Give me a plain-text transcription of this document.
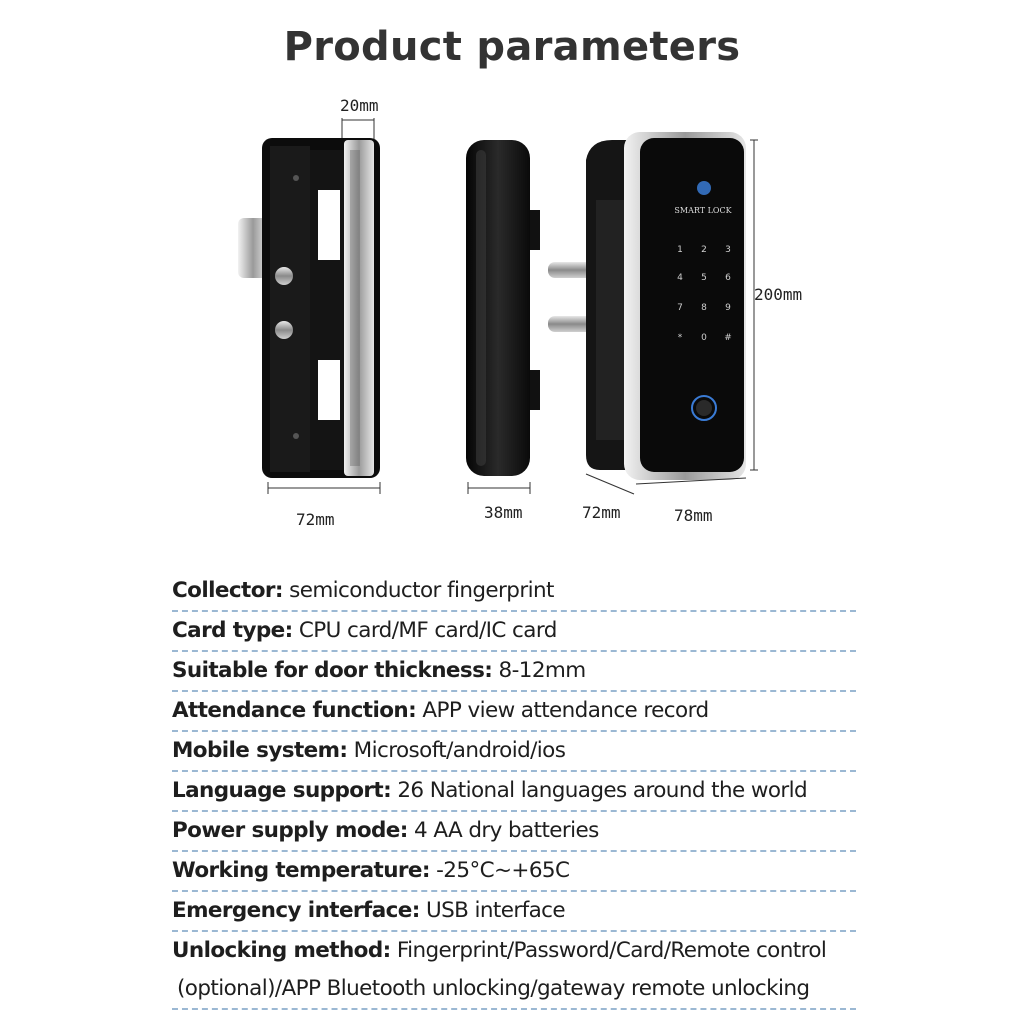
Product parameters
1 2 3
4 5 6
7 8 9
* 0 #
SMART LOCK
20mm
72mm	38mm	72mm	78mm
200mm
Collector: semiconductor fingerprint
Card type: CPU card/MF card/IC card
Suitable for door thickness: 8-12mm
Attendance function: APP view attendance record
Mobile system: Microsoft/android/ios
Language support: 26 National languages around the world
Power supply mode: 4 AA dry batteries
Working temperature: -25°C~+65C
Emergency interface: USB interface
Unlocking method: Fingerprint/Password/Card/Remote control
(optional)/APP Bluetooth unlocking/gateway remote unlocking
